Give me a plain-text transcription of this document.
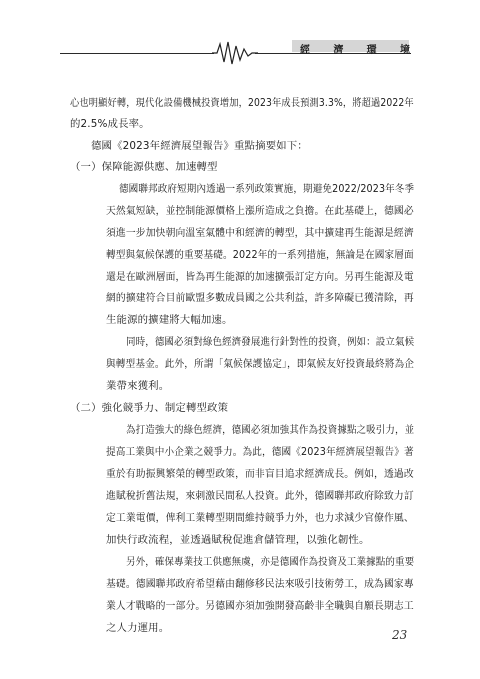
經 濟 環 境
心也明顯好轉，現代化設備機械投資增加，2023年成長預測3.3%，將超過2022年
的2.5%成長率。
德國《2023年經濟展望報告》重點摘要如下：
（一）保障能源供應、加速轉型
德國聯邦政府短期內透過一系列政策實施，期避免2022/2023年冬季
天然氣短缺，並控制能源價格上漲所造成之負擔。在此基礎上，德國必
須進一步加快朝向溫室氣體中和經濟的轉型，其中擴建再生能源是經濟
轉型與氣候保護的重要基礎。2022年的一系列措施，無論是在國家層面
還是在歐洲層面，皆為再生能源的加速擴張訂定方向。另再生能源及電
網的擴建符合目前歐盟多數成員國之公共利益，許多障礙已獲清除，再
生能源的擴建將大幅加速。
同時，德國必須對綠色經濟發展進行針對性的投資，例如：設立氣候
與轉型基金。此外，所謂「氣候保護協定」，即氣候友好投資最終將為企
業帶來獲利。
（二）強化競爭力、制定轉型政策
為打造強大的綠色經濟，德國必須加強其作為投資據點之吸引力，並
提高工業與中小企業之競爭力。為此，德國《2023年經濟展望報告》著
重於有助振興繁榮的轉型政策，而非盲目追求經濟成長。例如，透過改
進賦稅折舊法規，來刺激民間私人投資。此外，德國聯邦政府除致力訂
定工業電價，俾利工業轉型期間維持競爭力外，也力求減少官僚作風、
加快行政流程，並透過賦稅促進倉儲管理，以強化韌性。
另外，確保專業技工供應無虞，亦是德國作為投資及工業據點的重要
基礎。德國聯邦政府希望藉由翻修移民法來吸引技術勞工，成為國家專
業人才戰略的一部分。另德國亦須加強開發高齡非全職與自願長期志工
之人力運用。	23
